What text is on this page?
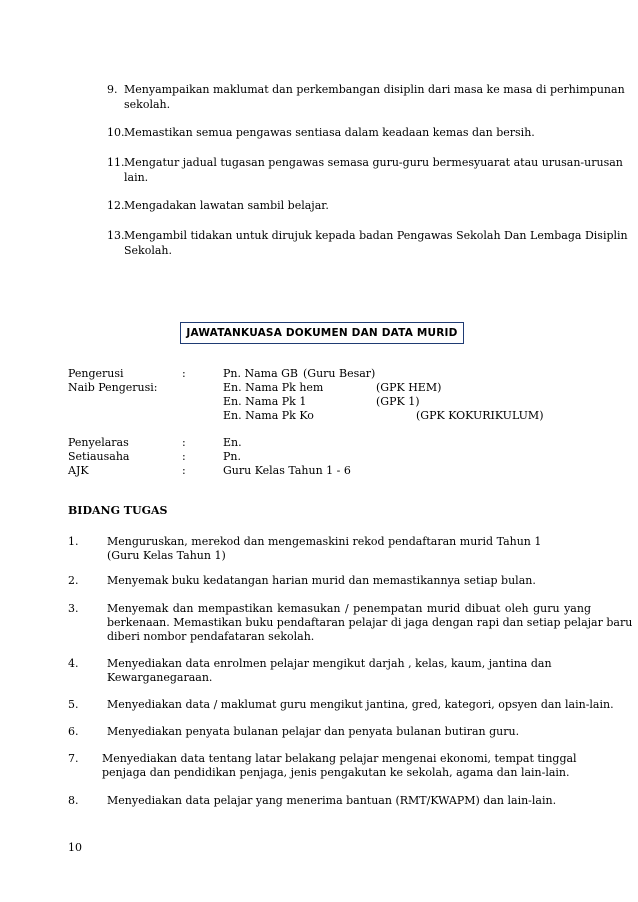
9. Menyampaikan maklumat dan perkembangan disiplin dari masa ke masa di perhimpunan
sekolah.
10. Memastikan semua pengawas sentiasa dalam keadaan kemas dan bersih.
11. Mengatur jadual tugasan pengawas semasa guru-guru bermesyuarat atau urusan-urusan
lain.
12. Mengadakan lawatan sambil belajar.
13. Mengambil tidakan untuk dirujuk kepada badan Pengawas Sekolah Dan Lembaga Disiplin
Sekolah.
JAWATANKUASA DOKUMEN DAN DATA MURID
Pengerusi	:	Pn. Nama GB (Guru Besar)
Naib Pengerusi:	En. Nama Pk hem	(GPK HEM)
En. Nama Pk 1	(GPK 1)
En. Nama Pk Ko	(GPK KOKURIKULUM)
Penyelaras	:	En.
Setiausaha	:	Pn.
AJK	:	Guru Kelas Tahun 1 - 6
BIDANG TUGAS
1.	Menguruskan, merekod dan mengemaskini rekod pendaftaran murid Tahun 1
(Guru Kelas Tahun 1)
2.	Menyemak buku kedatangan harian murid dan memastikannya setiap bulan.
3.	Menyemak dan mempastikan kemasukan / penempatan murid dibuat oleh guru yang
berkenaan. Memastikan buku pendaftaran pelajar di jaga dengan rapi dan setiap pelajar baru
diberi nombor pendafataran sekolah.
4.	Menyediakan data enrolmen pelajar mengikut darjah , kelas, kaum, jantina dan
Kewarganegaraan.
5.	Menyediakan data / maklumat guru mengikut jantina, gred, kategori, opsyen dan lain-lain.
6.	Menyediakan penyata bulanan pelajar dan penyata bulanan butiran guru.
7. Menyediakan data tentang latar belakang pelajar mengenai ekonomi, tempat tinggal
penjaga dan pendidikan penjaga, jenis pengakutan ke sekolah, agama dan lain-lain.
8.	Menyediakan data pelajar yang menerima bantuan (RMT/KWAPM) dan lain-lain.
10
